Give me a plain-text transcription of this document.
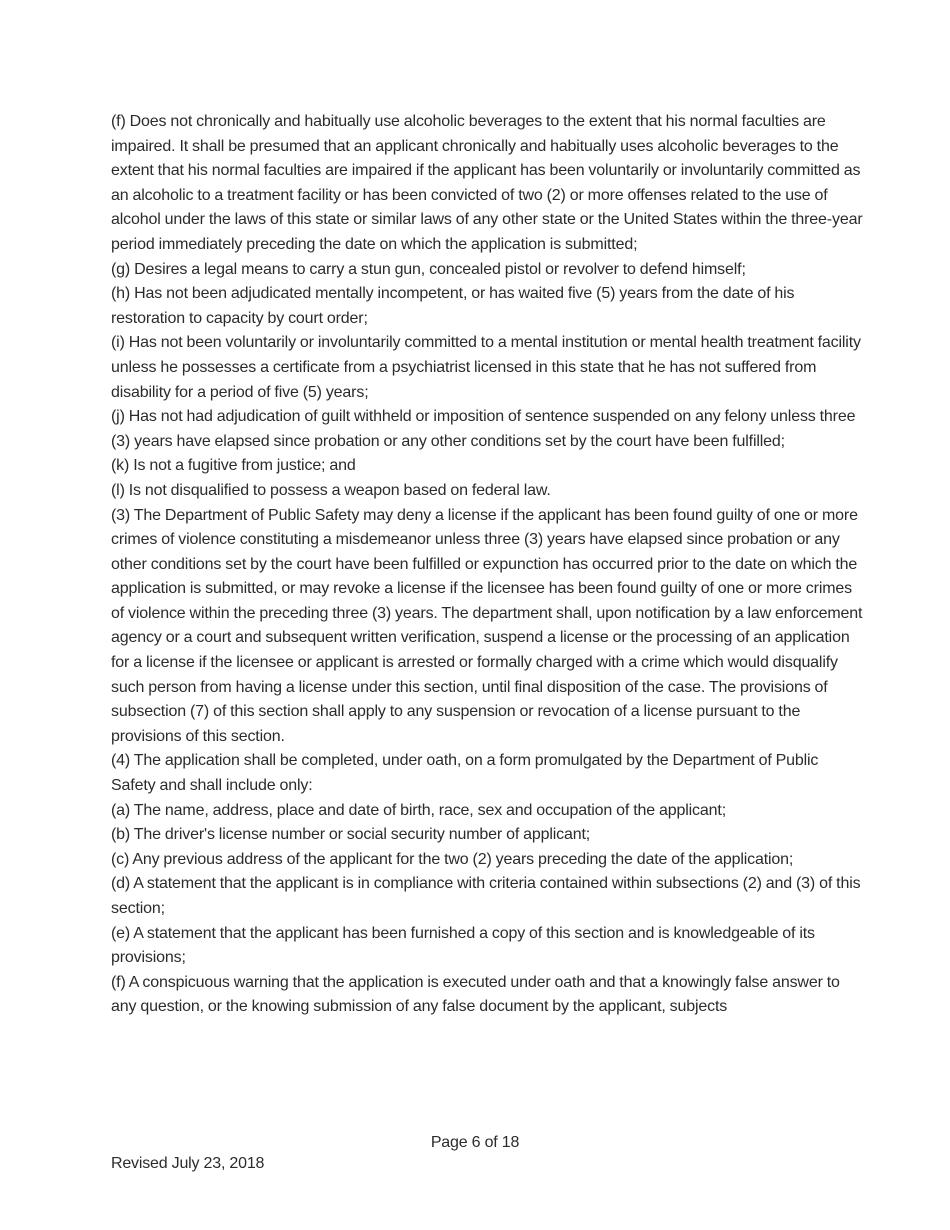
(f) Does not chronically and habitually use alcoholic beverages to the extent that his normal faculties are impaired. It shall be presumed that an applicant chronically and habitually uses alcoholic beverages to the extent that his normal faculties are impaired if the applicant has been voluntarily or involuntarily committed as an alcoholic to a treatment facility or has been convicted of two (2) or more offenses related to the use of alcohol under the laws of this state or similar laws of any other state or the United States within the three-year period immediately preceding the date on which the application is submitted;

(g) Desires a legal means to carry a stun gun, concealed pistol or revolver to defend himself;

(h) Has not been adjudicated mentally incompetent, or has waited five (5) years from the date of his restoration to capacity by court order;

(i) Has not been voluntarily or involuntarily committed to a mental institution or mental health treatment facility unless he possesses a certificate from a psychiatrist licensed in this state that he has not suffered from disability for a period of five (5) years;

(j) Has not had adjudication of guilt withheld or imposition of sentence suspended on any felony unless three (3) years have elapsed since probation or any other conditions set by the court have been fulfilled;

(k) Is not a fugitive from justice; and

(l) Is not disqualified to possess a weapon based on federal law.

(3) The Department of Public Safety may deny a license if the applicant has been found guilty of one or more crimes of violence constituting a misdemeanor unless three (3) years have elapsed since probation or any other conditions set by the court have been fulfilled or expunction has occurred prior to the date on which the application is submitted, or may revoke a license if the licensee has been found guilty of one or more crimes of violence within the preceding three (3) years. The department shall, upon notification by a law enforcement agency or a court and subsequent written verification, suspend a license or the processing of an application for a license if the licensee or applicant is arrested or formally charged with a crime which would disqualify such person from having a license under this section, until final disposition of the case. The provisions of subsection (7) of this section shall apply to any suspension or revocation of a license pursuant to the provisions of this section.

(4) The application shall be completed, under oath, on a form promulgated by the Department of Public Safety and shall include only:

(a) The name, address, place and date of birth, race, sex and occupation of the applicant;

(b) The driver's license number or social security number of applicant;

(c) Any previous address of the applicant for the two (2) years preceding the date of the application;

(d) A statement that the applicant is in compliance with criteria contained within subsections (2) and (3) of this section;

(e) A statement that the applicant has been furnished a copy of this section and is knowledgeable of its provisions;

(f) A conspicuous warning that the application is executed under oath and that a knowingly false answer to any question, or the knowing submission of any false document by the applicant, subjects

Page 6 of 18
Revised July 23, 2018
